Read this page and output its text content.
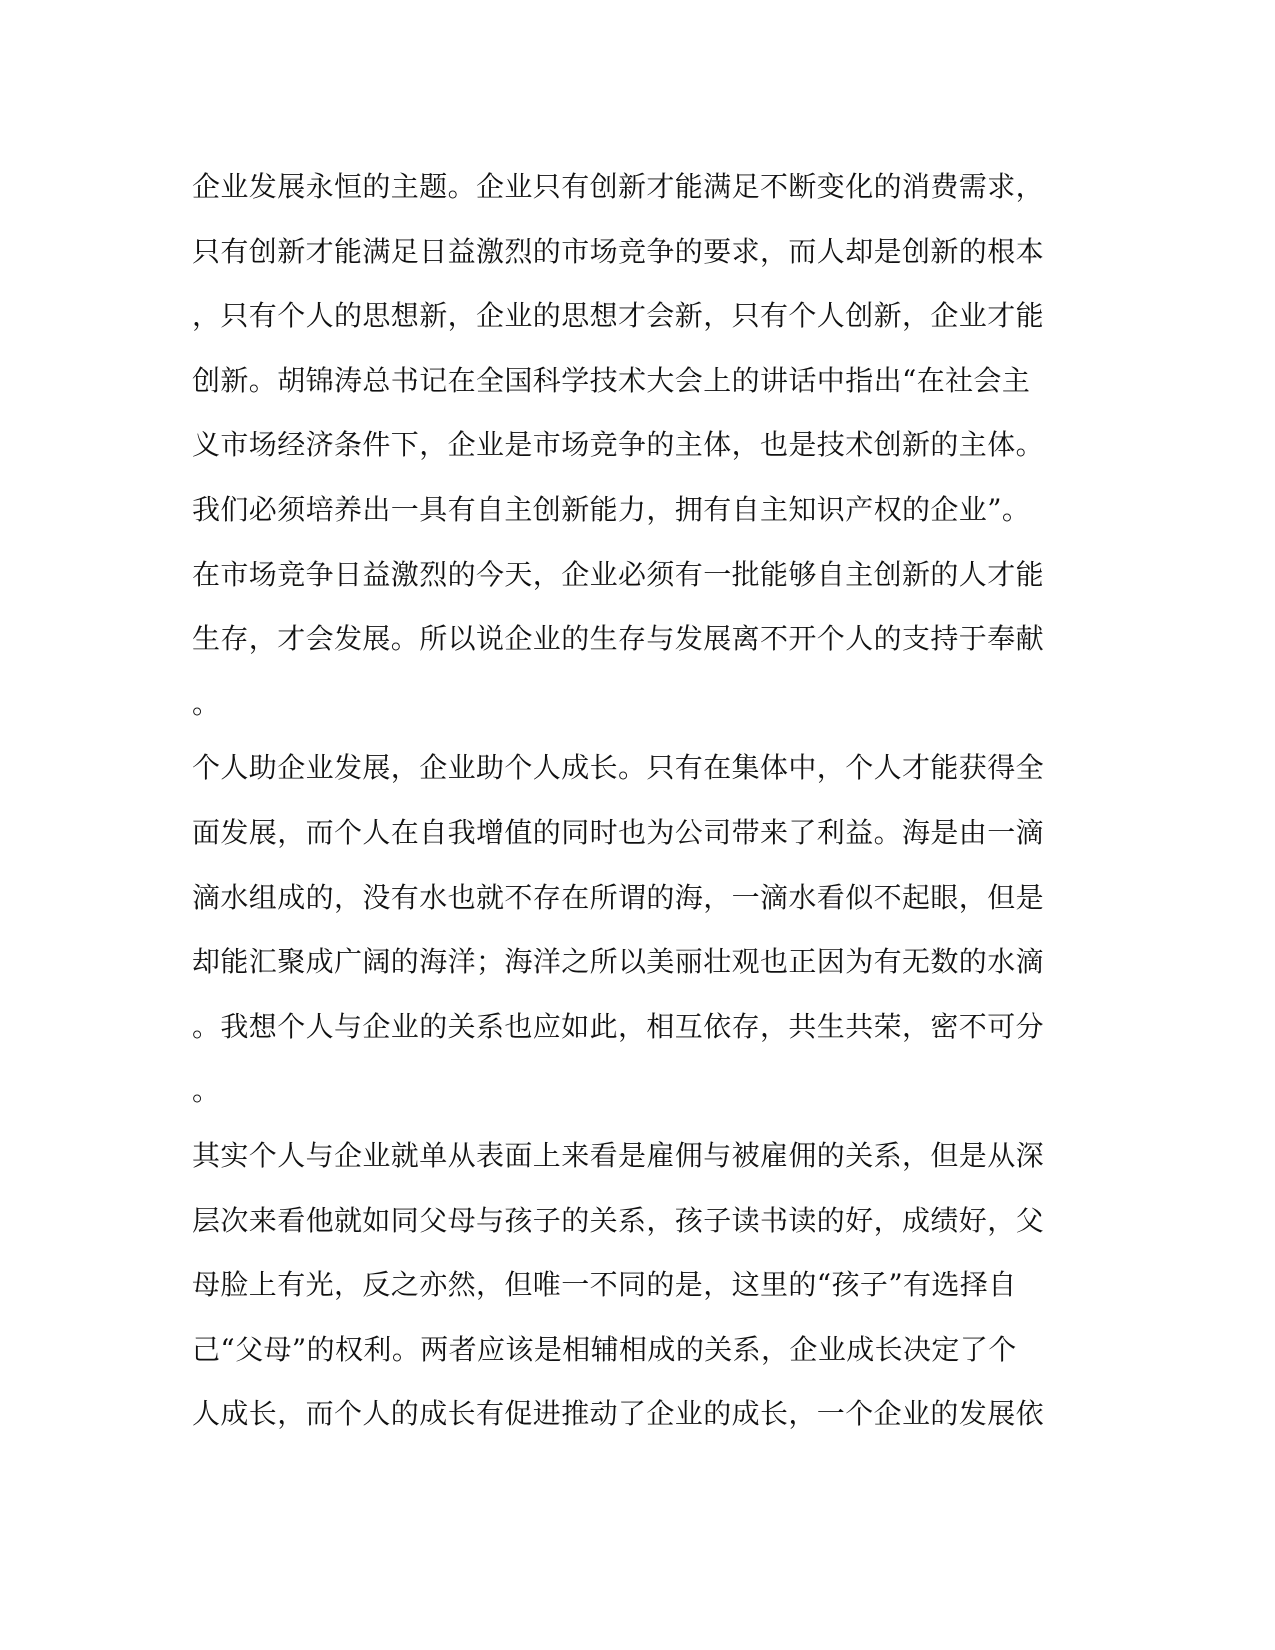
企业发展永恒的主题。企业只有创新才能满足不断变化的消费需求，
只有创新才能满足日益激烈的市场竞争的要求，而人却是创新的根本
，只有个人的思想新，企业的思想才会新，只有个人创新，企业才能
创新。胡锦涛总书记在全国科学技术大会上的讲话中指出“在社会主
义市场经济条件下，企业是市场竞争的主体，也是技术创新的主体。
我们必须培养出一具有自主创新能力，拥有自主知识产权的企业”。
在市场竞争日益激烈的今天，企业必须有一批能够自主创新的人才能
生存，才会发展。所以说企业的生存与发展离不开个人的支持于奉献
。
个人助企业发展，企业助个人成长。只有在集体中，个人才能获得全
面发展，而个人在自我增值的同时也为公司带来了利益。海是由一滴
滴水组成的，没有水也就不存在所谓的海，一滴水看似不起眼，但是
却能汇聚成广阔的海洋；海洋之所以美丽壮观也正因为有无数的水滴
。我想个人与企业的关系也应如此，相互依存，共生共荣，密不可分
。
其实个人与企业就单从表面上来看是雇佣与被雇佣的关系，但是从深
层次来看他就如同父母与孩子的关系，孩子读书读的好，成绩好，父
母脸上有光，反之亦然，但唯一不同的是，这里的“孩子”有选择自
己“父母”的权利。两者应该是相辅相成的关系，企业成长决定了个
人成长，而个人的成长有促进推动了企业的成长，一个企业的发展依
